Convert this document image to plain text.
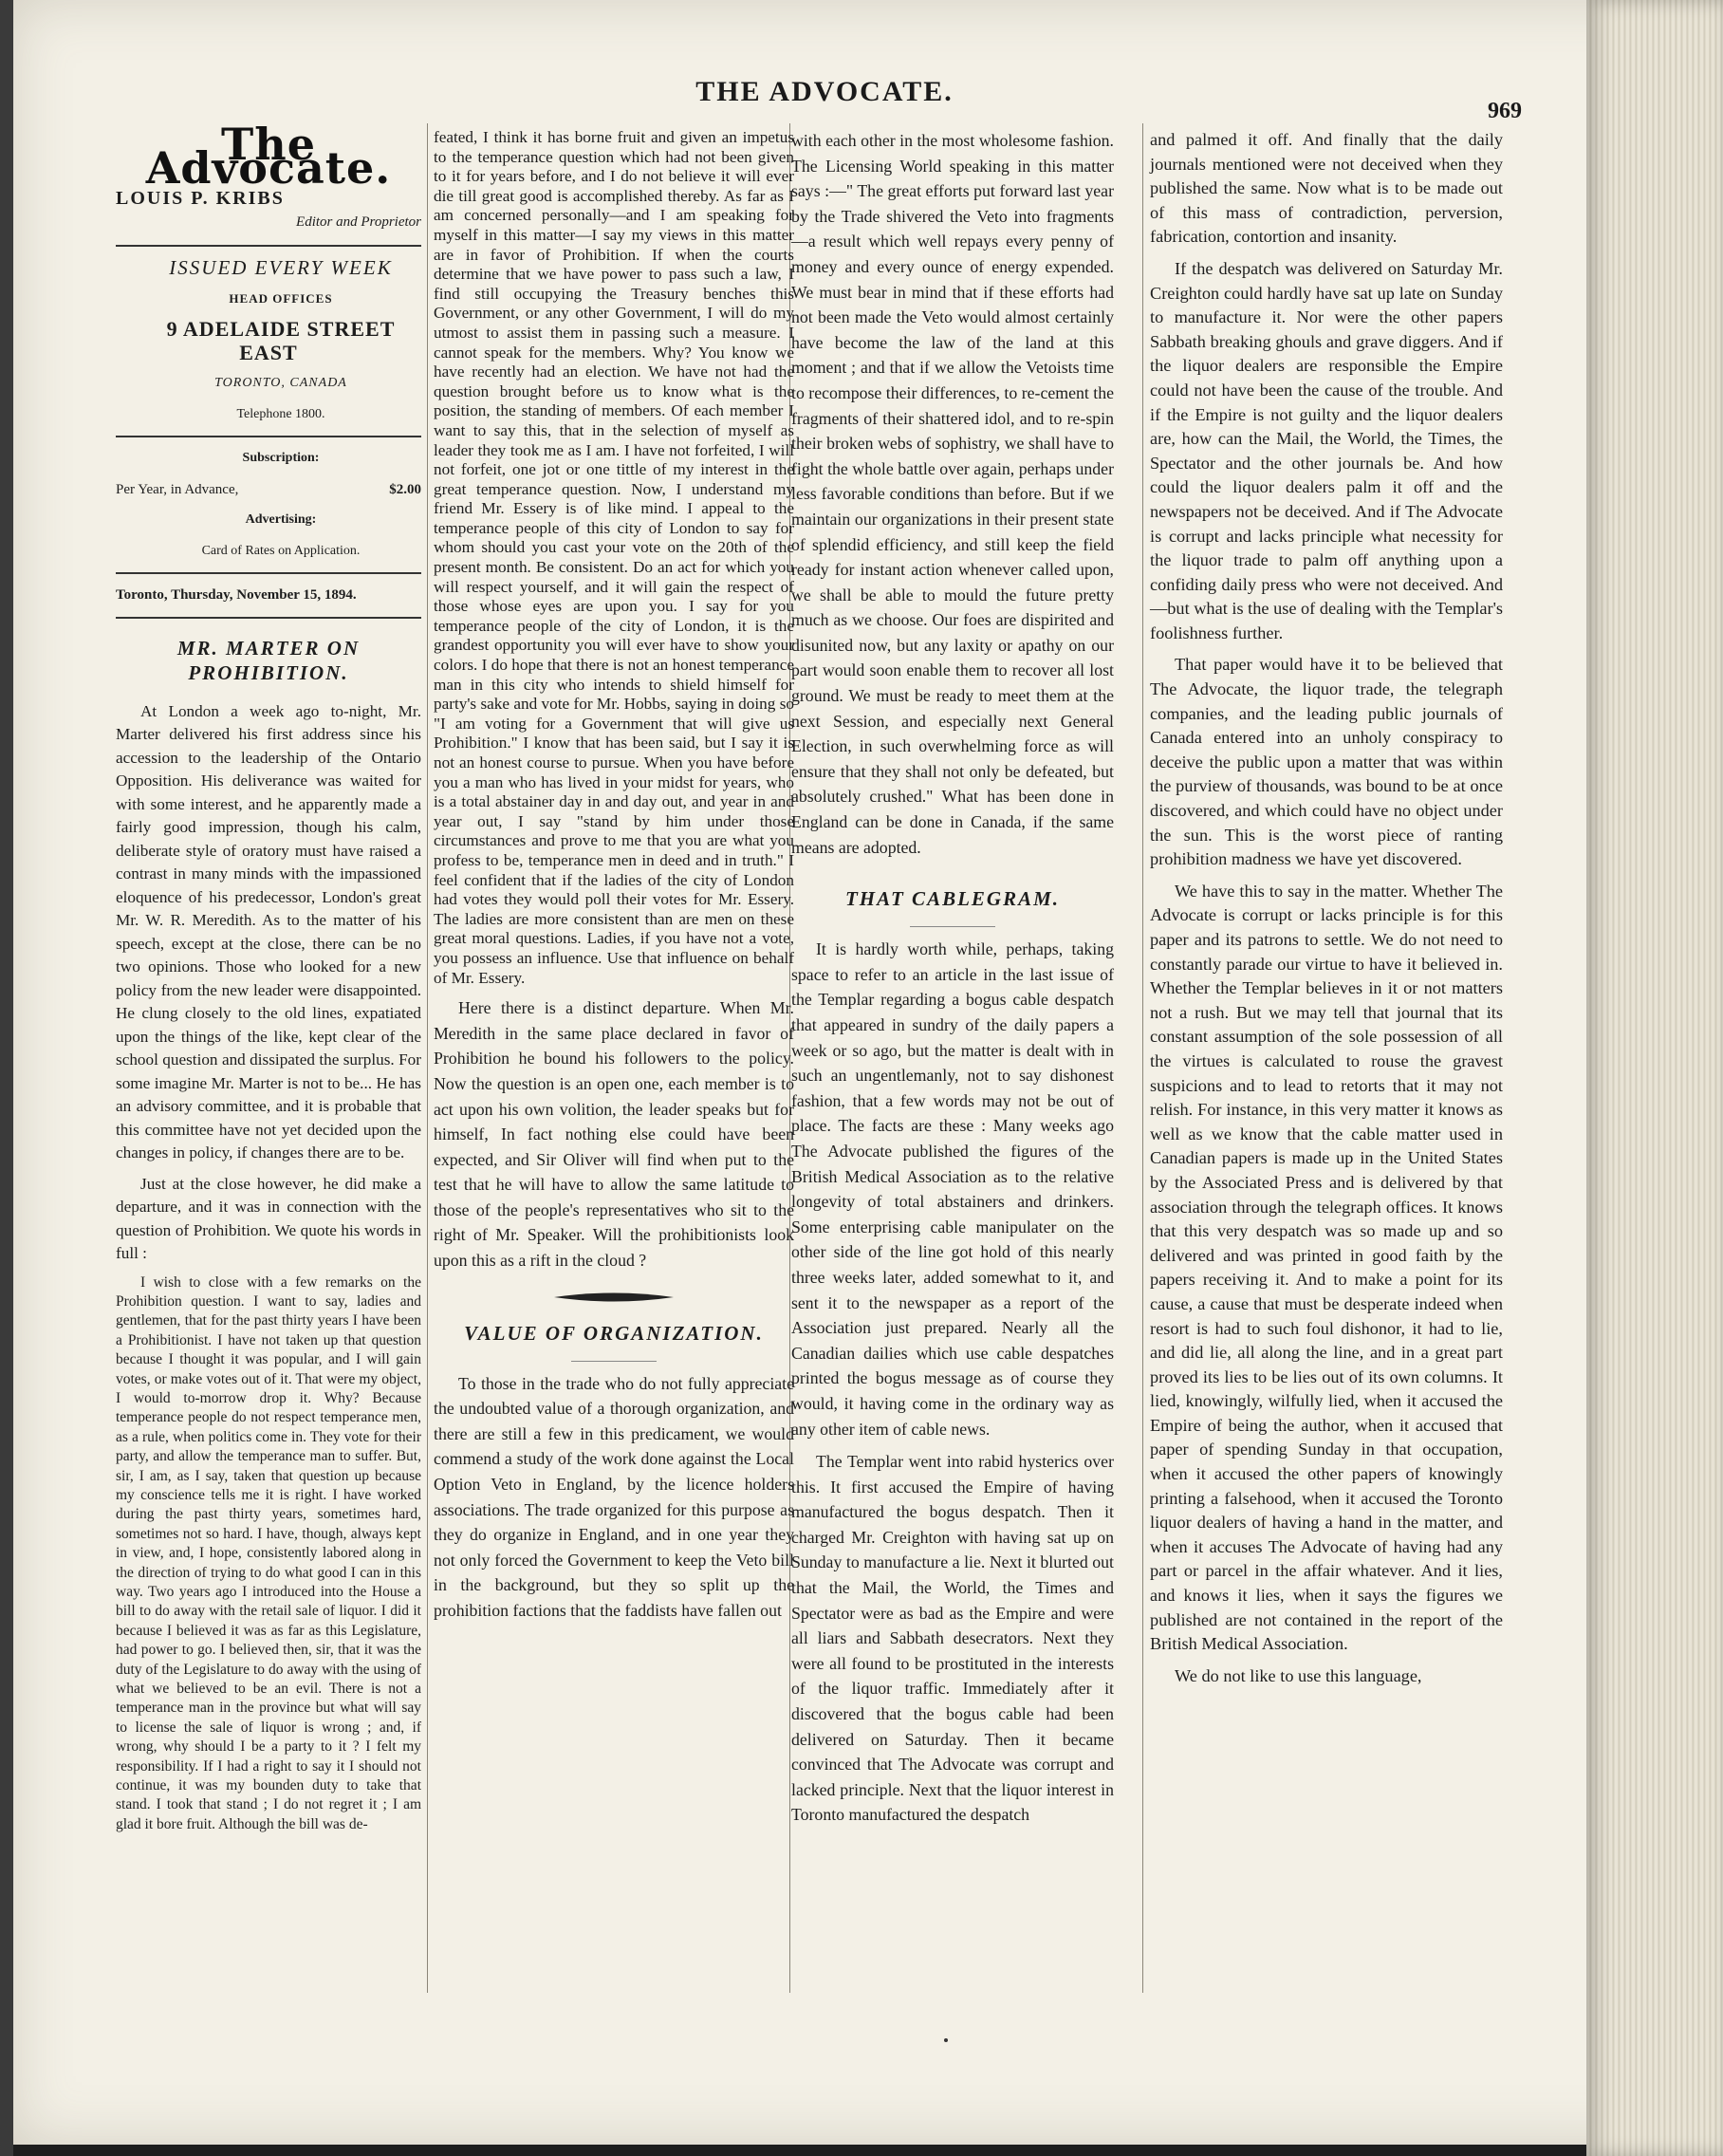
THE ADVOCATE.
969
The Advocate.
LOUIS P. KRIBS
Editor and Proprietor

ISSUED EVERY WEEK

HEAD OFFICES

9 ADELAIDE STREET EAST

TORONTO, CANADA

Telephone 1800.

Subscription:

Per Year, in Advance,	$2.00

Advertising:

Card of Rates on Application.

Toronto, Thursday, November 15, 1894.

MR. MARTER ON PROHIBITION.

At London a week ago to-night, Mr. Marter delivered his first address since his accession to the leadership of the Ontario Opposition. His deliverance was waited for with some interest, and he apparently made a fairly good impression, though his calm, deliberate style of oratory must have raised a contrast in many minds with the impassioned eloquence of his predecessor, London's great Mr. W. R. Meredith. As to the matter of his speech, except at the close, there can be no two opinions. Those who looked for a new policy from the new leader were disappointed. He clung closely to the old lines, expatiated upon the things of the like, kept clear of the school question and dissipated the surplus. For some imagine Mr. Marter is not to be... He has an advisory committee, and it is probable that this committee have not yet decided upon the changes in policy, if changes there are to be.

Just at the close however, he did make a departure, and it was in connection with the question of Prohibition. We quote his words in full :

I wish to close with a few remarks on the Prohibition question. I want to say, ladies and gentlemen, that for the past thirty years I have been a Prohibitionist. I have not taken up that question because I thought it was popular, and I will gain votes, or make votes out of it. That were my object, I would to-morrow drop it. Why? Because temperance people do not respect temperance men, as a rule, when politics come in. They vote for their party, and allow the temperance man to suffer. But, sir, I am, as I say, taken that question up because my conscience tells me it is right. I have worked during the past thirty years, sometimes hard, sometimes not so hard. I have, though, always kept in view, and, I hope, consistently labored along in the direction of trying to do what good I can in this way. Two years ago I introduced into the House a bill to do away with the retail sale of liquor. I did it because I believed it was as far as this Legislature, had power to go. I believed then, sir, that it was the duty of the Legislature to do away with the using of what we believed to be an evil. There is not a temperance man in the province but what will say to license the sale of liquor is wrong ; and, if wrong, why should I be a party to it ? I felt my responsibility. If I had a right to say it I should not continue, it was my bounden duty to take that stand. I took that stand ; I do not regret it ; I am glad it bore fruit. Although the bill was de-

feated, I think it has borne fruit and given an impetus to the temperance question which had not been given to it for years before, and I do not believe it will ever die till great good is accomplished thereby. As far as I am concerned personally—and I am speaking for myself in this matter—I say my views in this matter are in favor of Prohibition. If when the courts determine that we have power to pass such a law, I find still occupying the Treasury benches this Government, or any other Government, I will do my utmost to assist them in passing such a measure. I cannot speak for the members. Why? You know we have recently had an election. We have not had the question brought before us to know what is the position, the standing of members. Of each member I want to say this, that in the selection of myself as leader they took me as I am. I have not forfeited, I will not forfeit, one jot or one tittle of my interest in the great temperance question. Now, I understand my friend Mr. Essery is of like mind. I appeal to the temperance people of this city of London to say for whom should you cast your vote on the 20th of the present month. Be consistent. Do an act for which you will respect yourself, and it will gain the respect of those whose eyes are upon you. I say for you temperance people of the city of London, it is the grandest opportunity you will ever have to show your colors. I do hope that there is not an honest temperance man in this city who intends to shield himself for party's sake and vote for Mr. Hobbs, saying in doing so "I am voting for a Government that will give us Prohibition." I know that has been said, but I say it is not an honest course to pursue. When you have before you a man who has lived in your midst for years, who is a total abstainer day in and day out, and year in and year out, I say "stand by him under those circumstances and prove to me that you are what you profess to be, temperance men in deed and in truth." I feel confident that if the ladies of the city of London had votes they would poll their votes for Mr. Essery. The ladies are more consistent than are men on these great moral questions. Ladies, if you have not a vote, you possess an influence. Use that influence on behalf of Mr. Essery.

Here there is a distinct departure. When Mr. Meredith in the same place declared in favor of Prohibition he bound his followers to the policy. Now the question is an open one, each member is to act upon his own volition, the leader speaks but for himself, In fact nothing else could have been expected, and Sir Oliver will find when put to the test that he will have to allow the same latitude to those of the people's representatives who sit to the right of Mr. Speaker. Will the prohibitionists look upon this as a rift in the cloud ?

VALUE OF ORGANIZATION.

To those in the trade who do not fully appreciate the undoubted value of a thorough organization, and there are still a few in this predicament, we would commend a study of the work done against the Local Option Veto in England, by the licence holders associations. The trade organized for this purpose as they do organize in England, and in one year they not only forced the Government to keep the Veto bill in the background, but they so split up the prohibition factions that the faddists have fallen out

with each other in the most wholesome fashion. The Licensing World speaking in this matter says :—" The great efforts put forward last year by the Trade shivered the Veto into fragments—a result which well repays every penny of money and every ounce of energy expended. We must bear in mind that if these efforts had not been made the Veto would almost certainly have become the law of the land at this moment ; and that if we allow the Vetoists time to recompose their differences, to re-cement the fragments of their shattered idol, and to re-spin their broken webs of sophistry, we shall have to fight the whole battle over again, perhaps under less favorable conditions than before. But if we maintain our organizations in their present state of splendid efficiency, and still keep the field ready for instant action whenever called upon, we shall be able to mould the future pretty much as we choose. Our foes are dispirited and disunited now, but any laxity or apathy on our part would soon enable them to recover all lost ground. We must be ready to meet them at the next Session, and especially next General Election, in such overwhelming force as will ensure that they shall not only be defeated, but absolutely crushed." What has been done in England can be done in Canada, if the same means are adopted.

THAT CABLEGRAM.

It is hardly worth while, perhaps, taking space to refer to an article in the last issue of the Templar regarding a bogus cable despatch that appeared in sundry of the daily papers a week or so ago, but the matter is dealt with in such an ungentlemanly, not to say dishonest fashion, that a few words may not be out of place. The facts are these : Many weeks ago The Advocate published the figures of the British Medical Association as to the relative longevity of total abstainers and drinkers. Some enterprising cable manipulater on the other side of the line got hold of this nearly three weeks later, added somewhat to it, and sent it to the newspaper as a report of the Association just prepared. Nearly all the Canadian dailies which use cable despatches printed the bogus message as of course they would, it having come in the ordinary way as any other item of cable news.

The Templar went into rabid hysterics over this. It first accused the Empire of having manufactured the bogus despatch. Then it charged Mr. Creighton with having sat up on Sunday to manufacture a lie. Next it blurted out that the Mail, the World, the Times and Spectator were as bad as the Empire and were all liars and Sabbath desecrators. Next they were all found to be prostituted in the interests of the liquor traffic. Immediately after it discovered that the bogus cable had been delivered on Saturday. Then it became convinced that The Advocate was corrupt and lacked principle. Next that the liquor interest in Toronto manufactured the despatch

and palmed it off. And finally that the daily journals mentioned were not deceived when they published the same. Now what is to be made out of this mass of contradiction, perversion, fabrication, contortion and insanity.

If the despatch was delivered on Saturday Mr. Creighton could hardly have sat up late on Sunday to manufacture it. Nor were the other papers Sabbath breaking ghouls and grave diggers. And if the liquor dealers are responsible the Empire could not have been the cause of the trouble. And if the Empire is not guilty and the liquor dealers are, how can the Mail, the World, the Times, the Spectator and the other journals be. And how could the liquor dealers palm it off and the newspapers not be deceived. And if The Advocate is corrupt and lacks principle what necessity for the liquor trade to palm off anything upon a confiding daily press who were not deceived. And—but what is the use of dealing with the Templar's foolishness further.

That paper would have it to be believed that The Advocate, the liquor trade, the telegraph companies, and the leading public journals of Canada entered into an unholy conspiracy to deceive the public upon a matter that was within the purview of thousands, was bound to be at once discovered, and which could have no object under the sun. This is the worst piece of ranting prohibition madness we have yet discovered.

We have this to say in the matter. Whether The Advocate is corrupt or lacks principle is for this paper and its patrons to settle. We do not need to constantly parade our virtue to have it believed in. Whether the Templar believes in it or not matters not a rush. But we may tell that journal that its constant assumption of the sole possession of all the virtues is calculated to rouse the gravest suspicions and to lead to retorts that it may not relish. For instance, in this very matter it knows as well as we know that the cable matter used in Canadian papers is made up in the United States by the Associated Press and is delivered by that association through the telegraph offices. It knows that this very despatch was so made up and so delivered and was printed in good faith by the papers receiving it. And to make a point for its cause, a cause that must be desperate indeed when resort is had to such foul dishonor, it had to lie, and did lie, all along the line, and in a great part proved its lies to be lies out of its own columns. It lied, knowingly, wilfully lied, when it accused the Empire of being the author, when it accused that paper of spending Sunday in that occupation, when it accused the other papers of knowingly printing a falsehood, when it accused the Toronto liquor dealers of having a hand in the matter, and when it accuses The Advocate of having had any part or parcel in the affair whatever. And it lies, and knows it lies, when it says the figures we published are not contained in the report of the British Medical Association.

We do not like to use this language,
